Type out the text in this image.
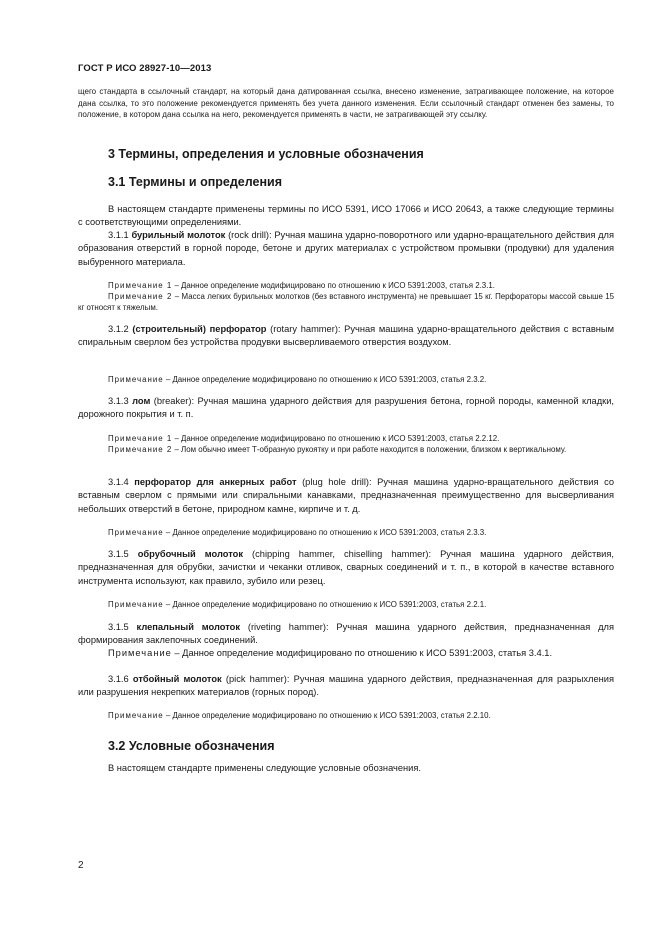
ГОСТ Р ИСО 28927-10—2013
щего стандарта в ссылочный стандарт, на который дана датированная ссылка, внесено изменение, затрагивающее положение, на которое дана ссылка, то это положение рекомендуется применять без учета данного изменения. Если ссылочный стандарт отменен без замены, то положение, в котором дана ссылка на него, рекомендуется применять в части, не затрагивающей эту ссылку.
3 Термины, определения и условные обозначения
3.1 Термины и определения
В настоящем стандарте применены термины по ИСО 5391, ИСО 17066 и ИСО 20643, а также следующие термины с соответствующими определениями.
3.1.1 бурильный молоток (rock drill): Ручная машина ударно-поворотного или ударно-вращательного действия для образования отверстий в горной породе, бетоне и других материалах с устройством промывки (продувки) для удаления выбуренного материала.
Примечание 1 – Данное определение модифицировано по отношению к ИСО 5391:2003, статья 2.3.1.
Примечание 2 – Масса легких бурильных молотков (без вставного инструмента) не превышает 15 кг. Перфораторы массой свыше 15 кг относят к тяжелым.
3.1.2 (строительный) перфоратор (rotary hammer): Ручная машина ударно-вращательного действия с вставным спиральным сверлом без устройства продувки высверливаемого отверстия воздухом.
Примечание – Данное определение модифицировано по отношению к ИСО 5391:2003, статья 2.3.2.
3.1.3 лом (breaker): Ручная машина ударного действия для разрушения бетона, горной породы, каменной кладки, дорожного покрытия и т. п.
Примечание 1 – Данное определение модифицировано по отношению к ИСО 5391:2003, статья 2.2.12.
Примечание 2 – Лом обычно имеет Т-образную рукоятку и при работе находится в положении, близком к вертикальному.
3.1.4 перфоратор для анкерных работ (plug hole drill): Ручная машина ударно-вращательного действия со вставным сверлом с прямыми или спиральными канавками, предназначенная преимущественно для высверливания небольших отверстий в бетоне, природном камне, кирпиче и т. д.
Примечание – Данное определение модифицировано по отношению к ИСО 5391:2003, статья 2.3.3.
3.1.5 обрубочный молоток (chipping hammer, chiselling hammer): Ручная машина ударного действия, предназначенная для обрубки, зачистки и чеканки отливок, сварных соединений и т. п., в которой в качестве вставного инструмента используют, как правило, зубило или резец.
Примечание – Данное определение модифицировано по отношению к ИСО 5391:2003, статья 2.2.1.
3.1.5 клепальный молоток (riveting hammer): Ручная машина ударного действия, предназначенная для формирования заклепочных соединений.
Примечание – Данное определение модифицировано по отношению к ИСО 5391:2003, статья 3.4.1.
3.1.6 отбойный молоток (pick hammer): Ручная машина ударного действия, предназначенная для разрыхления или разрушения некрепких материалов (горных пород).
Примечание – Данное определение модифицировано по отношению к ИСО 5391:2003, статья 2.2.10.
3.2 Условные обозначения
В настоящем стандарте применены следующие условные обозначения.
2
